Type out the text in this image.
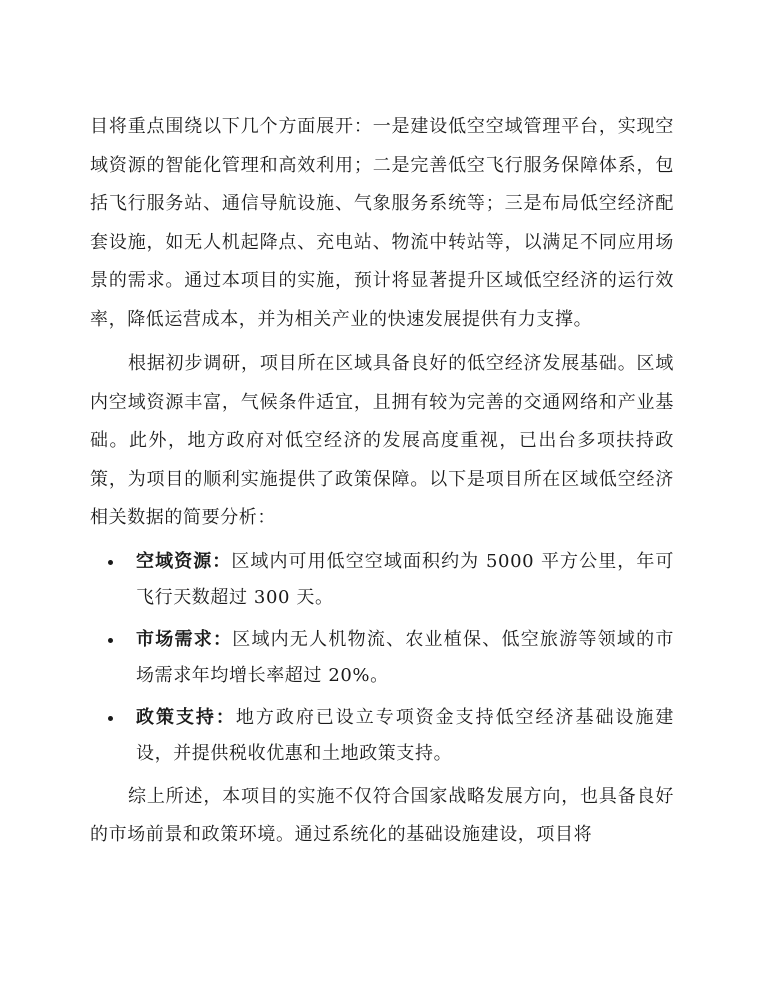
目将重点围绕以下几个方面展开：一是建设低空空域管理平台，实现空域资源的智能化管理和高效利用；二是完善低空飞行服务保障体系，包括飞行服务站、通信导航设施、气象服务系统等；三是布局低空经济配套设施，如无人机起降点、充电站、物流中转站等，以满足不同应用场景的需求。通过本项目的实施，预计将显著提升区域低空经济的运行效率，降低运营成本，并为相关产业的快速发展提供有力支撑。

根据初步调研，项目所在区域具备良好的低空经济发展基础。区域内空域资源丰富，气候条件适宜，且拥有较为完善的交通网络和产业基础。此外，地方政府对低空经济的发展高度重视，已出台多项扶持政策，为项目的顺利实施提供了政策保障。以下是项目所在区域低空经济相关数据的简要分析：

空域资源：区域内可用低空空域面积约为 5000 平方公里，年可飞行天数超过 300 天。
市场需求：区域内无人机物流、农业植保、低空旅游等领域的市场需求年均增长率超过 20%。
政策支持：地方政府已设立专项资金支持低空经济基础设施建设，并提供税收优惠和土地政策支持。

综上所述，本项目的实施不仅符合国家战略发展方向，也具备良好的市场前景和政策环境。通过系统化的基础设施建设，项目将
